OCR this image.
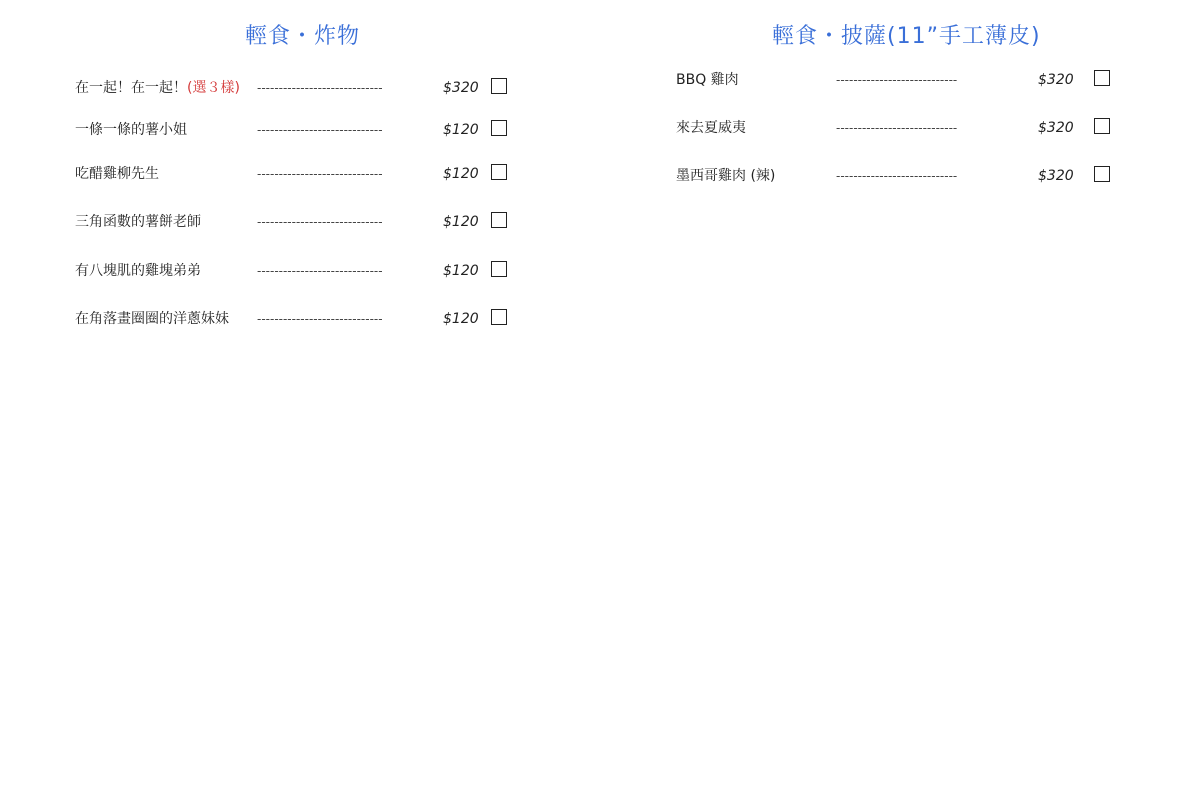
輕食・炸物
在一起！在一起！(選３樣) -----------------------------	$320
一條一條的薯小姐	-----------------------------	$120
吃醋雞柳先生	-----------------------------	$120
三角函數的薯餅老師	-----------------------------	$120
有八塊肌的雞塊弟弟	-----------------------------	$120
在角落畫圈圈的洋蔥妹妹 -----------------------------	$120
輕食・披薩(11”手工薄皮)
BBQ 雞肉	----------------------------	$320
來去夏威夷	----------------------------	$320
墨西哥雞肉 (辣)	----------------------------	$320
